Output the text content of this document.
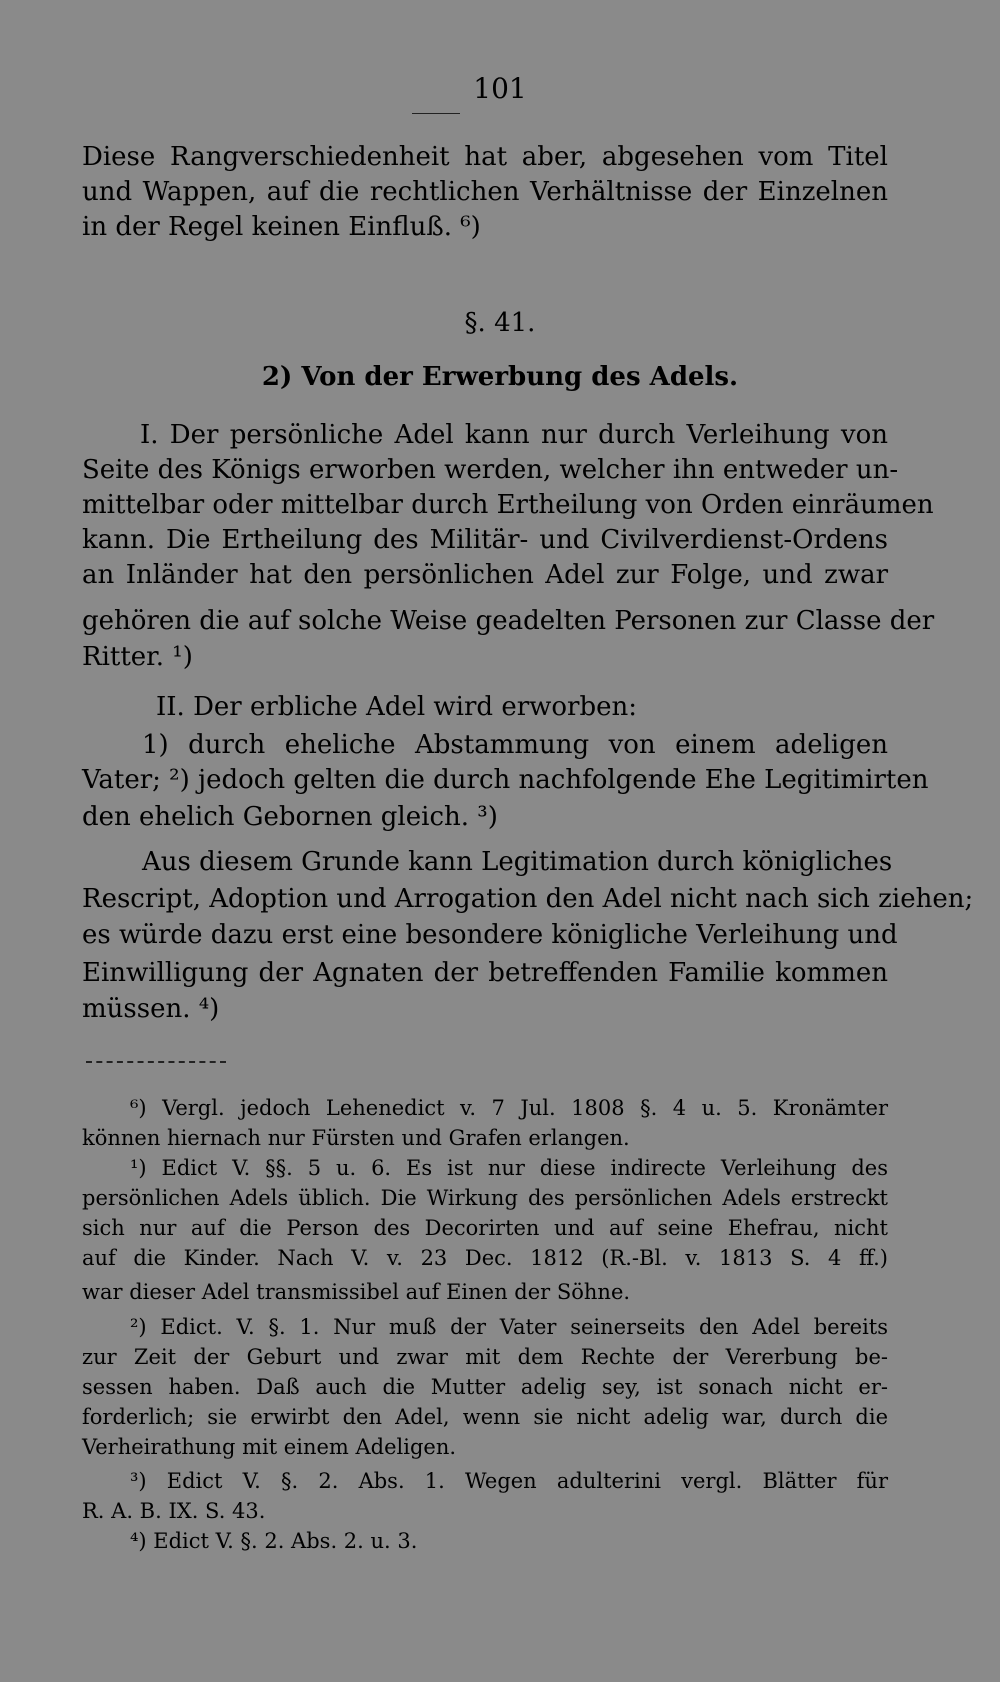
101
Diese Rangverschiedenheit hat aber, abgesehen vom Titel
und Wappen, auf die rechtlichen Verhältnisse der Einzelnen
in der Regel keinen Einfluß. ⁶)
§. 41.
2) Von der Erwerbung des Adels.
I. Der persönliche Adel kann nur durch Verleihung von
Seite des Königs erworben werden, welcher ihn entweder un-
mittelbar oder mittelbar durch Ertheilung von Orden einräumen
kann. Die Ertheilung des Militär- und Civilverdienst-Ordens
an Inländer hat den persönlichen Adel zur Folge, und zwar
gehören die auf solche Weise geadelten Personen zur Classe der
Ritter. ¹)
II. Der erbliche Adel wird erworben:
1) durch eheliche Abstammung von einem adeligen
Vater; ²) jedoch gelten die durch nachfolgende Ehe Legitimirten
den ehelich Gebornen gleich. ³)
Aus diesem Grunde kann Legitimation durch königliches
Rescript, Adoption und Arrogation den Adel nicht nach sich ziehen;
es würde dazu erst eine besondere königliche Verleihung und
Einwilligung der Agnaten der betreffenden Familie kommen
müssen. ⁴)
⁶) Vergl. jedoch Lehenedict v. 7 Jul. 1808 §. 4 u. 5. Kronämter
können hiernach nur Fürsten und Grafen erlangen.
¹) Edict V. §§. 5 u. 6. Es ist nur diese indirecte Verleihung des
persönlichen Adels üblich. Die Wirkung des persönlichen Adels erstreckt
sich nur auf die Person des Decorirten und auf seine Ehefrau, nicht
auf die Kinder. Nach V. v. 23 Dec. 1812 (R.-Bl. v. 1813 S. 4 ff.)
war dieser Adel transmissibel auf Einen der Söhne.
²) Edict. V. §. 1. Nur muß der Vater seinerseits den Adel bereits
zur Zeit der Geburt und zwar mit dem Rechte der Vererbung be-
sessen haben. Daß auch die Mutter adelig sey, ist sonach nicht er-
forderlich; sie erwirbt den Adel, wenn sie nicht adelig war, durch die
Verheirathung mit einem Adeligen.
³) Edict V. §. 2. Abs. 1. Wegen adulterini vergl. Blätter für
R. A. B. IX. S. 43.
⁴) Edict V. §. 2. Abs. 2. u. 3.
